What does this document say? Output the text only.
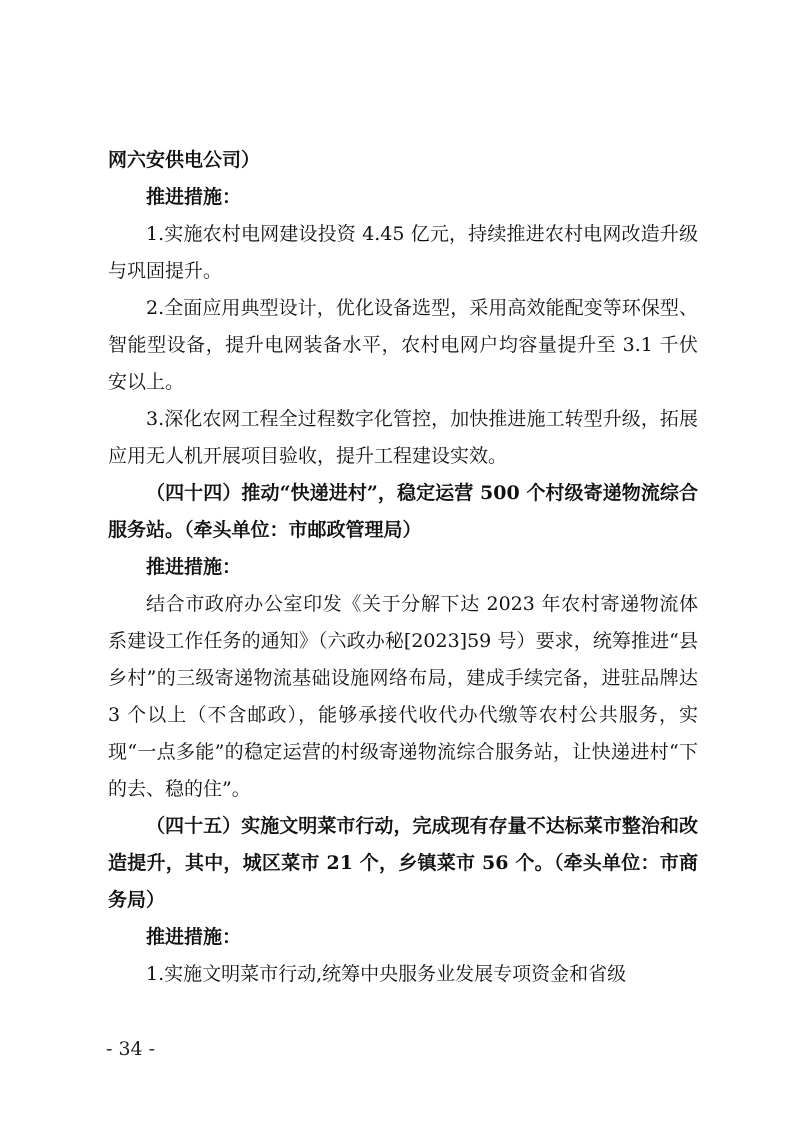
网六安供电公司）

推进措施：

1.实施农村电网建设投资 4.45 亿元，持续推进农村电网改造升级与巩固提升。

2.全面应用典型设计，优化设备选型，采用高效能配变等环保型、智能型设备，提升电网装备水平，农村电网户均容量提升至 3.1 千伏安以上。

3.深化农网工程全过程数字化管控，加快推进施工转型升级，拓展应用无人机开展项目验收，提升工程建设实效。

（四十四）推动“快递进村”，稳定运营 500 个村级寄递物流综合服务站。（牵头单位：市邮政管理局）

推进措施：

结合市政府办公室印发《关于分解下达 2023 年农村寄递物流体系建设工作任务的通知》（六政办秘[2023]59 号）要求，统筹推进“县乡村”的三级寄递物流基础设施网络布局，建成手续完备，进驻品牌达 3 个以上（不含邮政），能够承接代收代办代缴等农村公共服务，实现“一点多能”的稳定运营的村级寄递物流综合服务站，让快递进村“下的去、稳的住”。

（四十五）实施文明菜市行动，完成现有存量不达标菜市整治和改造提升，其中，城区菜市 21 个，乡镇菜市 56 个。（牵头单位：市商务局）

推进措施：

1.实施文明菜市行动,统筹中央服务业发展专项资金和省级

- 34 -
